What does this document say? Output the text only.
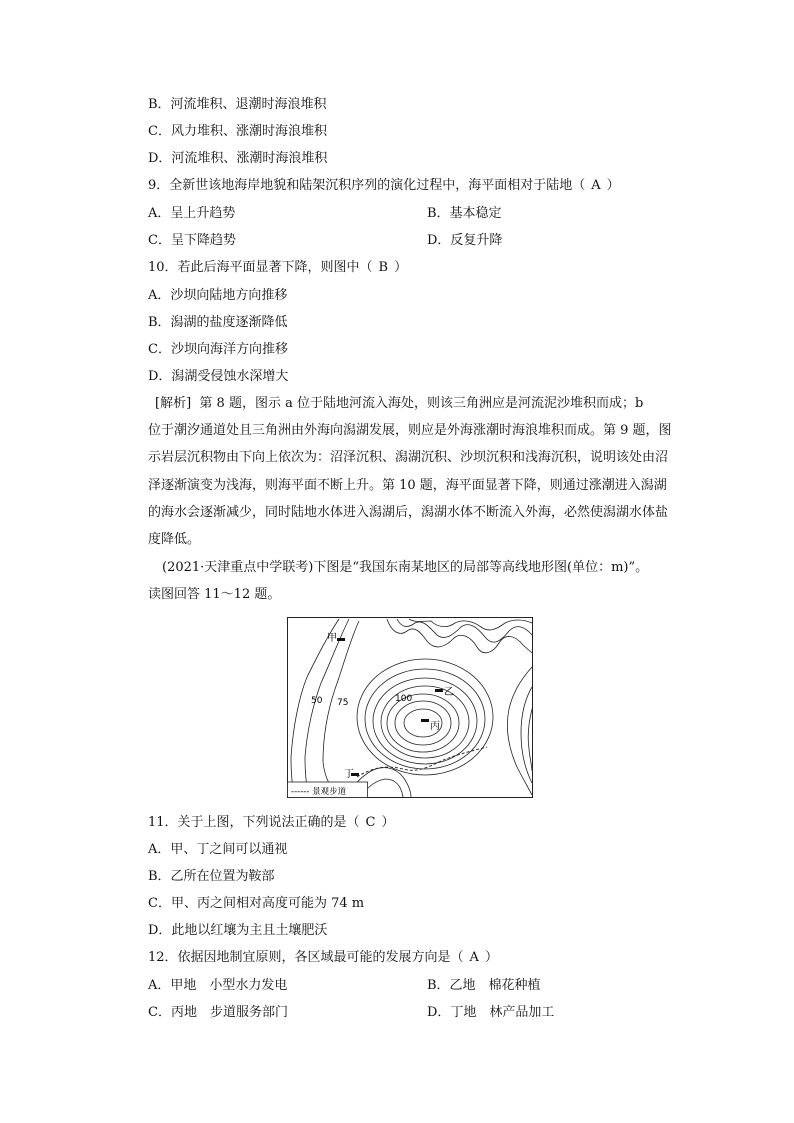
B．河流堆积、退潮时海浪堆积
C．风力堆积、涨潮时海浪堆积
D．河流堆积、涨潮时海浪堆积
9．全新世该地海岸地貌和陆架沉积序列的演化过程中，海平面相对于陆地（ A ）
A．呈上升趋势	B．基本稳定
C．呈下降趋势	D．反复升降
10．若此后海平面显著下降，则图中（ B ）
A．沙坝向陆地方向推移
B．潟湖的盐度逐渐降低
C．沙坝向海洋方向推移
D．潟湖受侵蚀水深增大
[解析] 第 8 题，图示 a 位于陆地河流入海处，则该三角洲应是河流泥沙堆积而成；b
位于潮汐通道处且三角洲由外海向潟湖发展，则应是外海涨潮时海浪堆积而成。第 9 题，图
示岩层沉积物由下向上依次为：沼泽沉积、潟湖沉积、沙坝沉积和浅海沉积，说明该处由沼
泽逐渐演变为浅海，则海平面不断上升。第 10 题，海平面显著下降，则通过涨潮进入潟湖
的海水会逐渐减少，同时陆地水体进入潟湖后，潟湖水体不断流入外海，必然使潟湖水体盐
度降低。
(2021·天津重点中学联考)下图是“我国东南某地区的局部等高线地形图(单位：m)”。
读图回答 11～12 题。
甲
乙
丙
丁
50 75	100
------ 景观步道
11．关于上图，下列说法正确的是（ C ）
A．甲、丁之间可以通视
B．乙所在位置为鞍部
C．甲、丙之间相对高度可能为 74 m
D．此地以红壤为主且土壤肥沃
12．依据因地制宜原则，各区域最可能的发展方向是（ A ）
A．甲地　小型水力发电	B．乙地　棉花种植
C．丙地　步道服务部门	D．丁地　林产品加工
